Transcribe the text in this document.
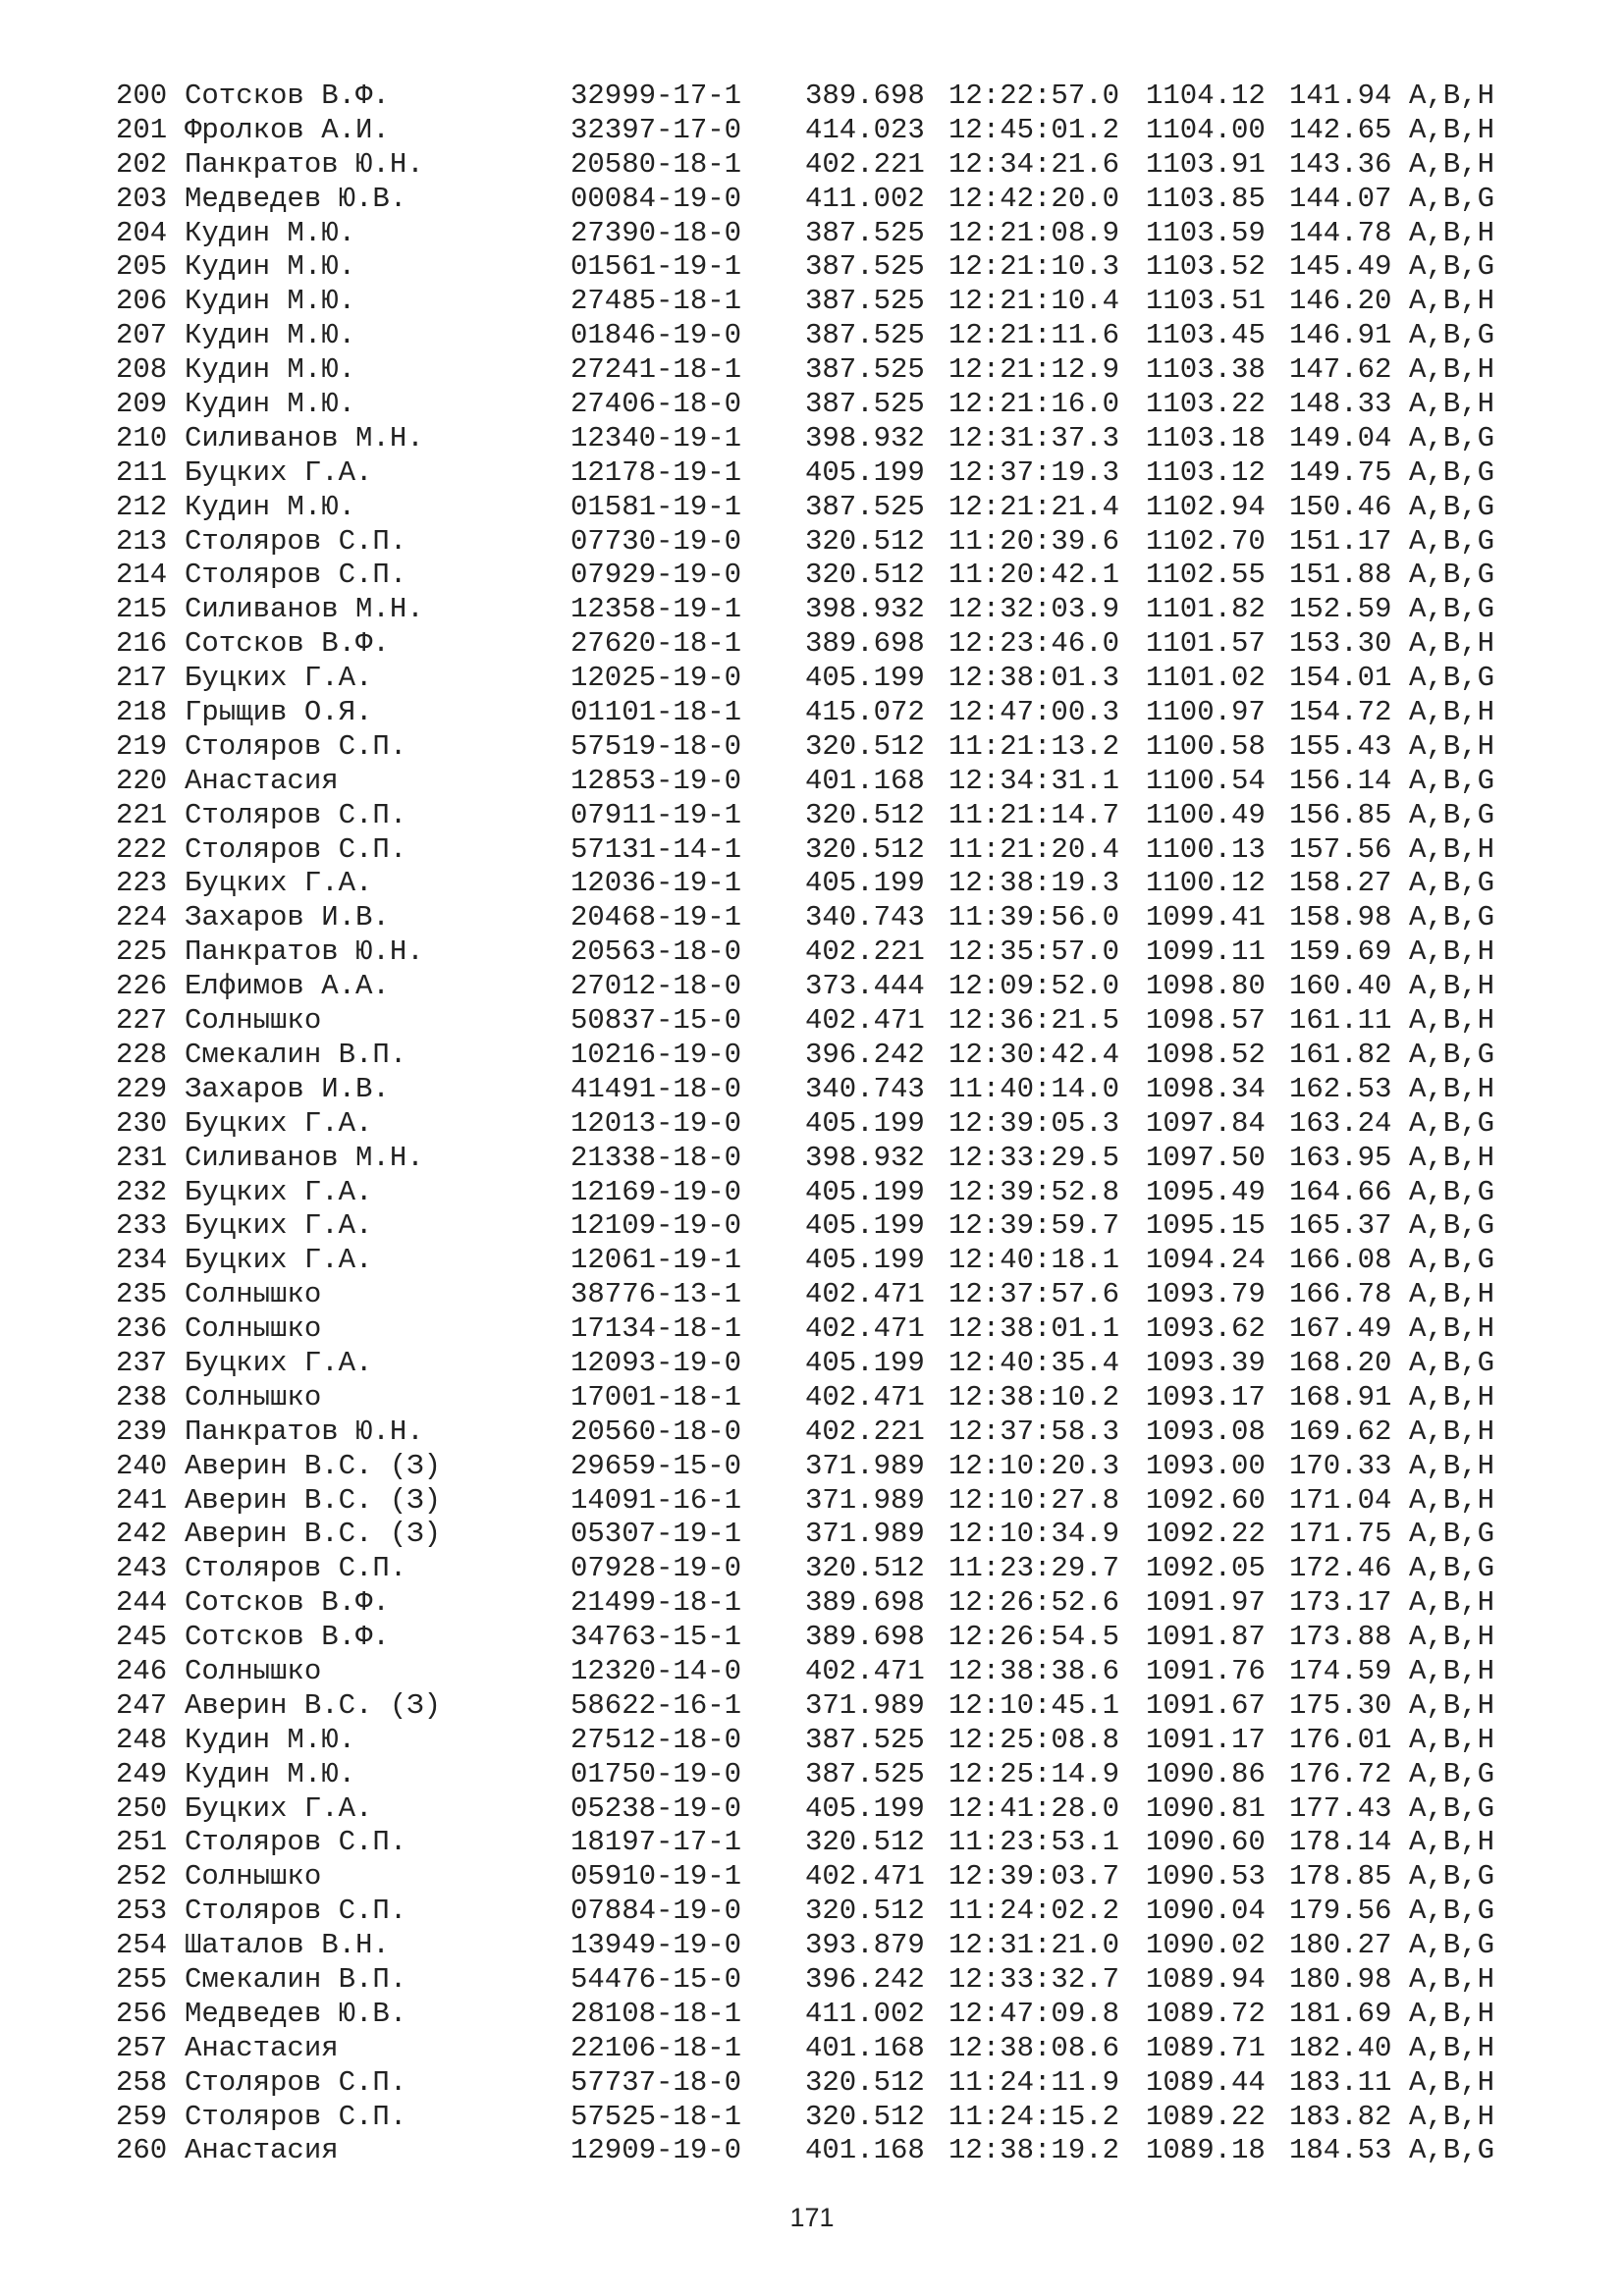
200 Сотсков В.Ф.	32999-17-1 389.698 12:22:57.0 1104.12 141.94 A,B,H
201 Фролков А.И.	32397-17-0 414.023 12:45:01.2 1104.00 142.65 A,B,H
202 Панкратов Ю.Н.	20580-18-1 402.221 12:34:21.6 1103.91 143.36 A,B,H
203 Медведев Ю.В.	00084-19-0 411.002 12:42:20.0 1103.85 144.07 A,B,G
204 Кудин М.Ю.	27390-18-0 387.525 12:21:08.9 1103.59 144.78 A,B,H
205 Кудин М.Ю.	01561-19-1 387.525 12:21:10.3 1103.52 145.49 A,B,G
206 Кудин М.Ю.	27485-18-1 387.525 12:21:10.4 1103.51 146.20 A,B,H
207 Кудин М.Ю.	01846-19-0 387.525 12:21:11.6 1103.45 146.91 A,B,G
208 Кудин М.Ю.	27241-18-1 387.525 12:21:12.9 1103.38 147.62 A,B,H
209 Кудин М.Ю.	27406-18-0 387.525 12:21:16.0 1103.22 148.33 A,B,H
210 Силиванов М.Н.	12340-19-1 398.932 12:31:37.3 1103.18 149.04 A,B,G
211 Буцких Г.А.	12178-19-1 405.199 12:37:19.3 1103.12 149.75 A,B,G
212 Кудин М.Ю.	01581-19-1 387.525 12:21:21.4 1102.94 150.46 A,B,G
213 Столяров С.П.	07730-19-0 320.512 11:20:39.6 1102.70 151.17 A,B,G
214 Столяров С.П.	07929-19-0 320.512 11:20:42.1 1102.55 151.88 A,B,G
215 Силиванов М.Н.	12358-19-1 398.932 12:32:03.9 1101.82 152.59 A,B,G
216 Сотсков В.Ф.	27620-18-1 389.698 12:23:46.0 1101.57 153.30 A,B,H
217 Буцких Г.А.	12025-19-0 405.199 12:38:01.3 1101.02 154.01 A,B,G
218 Грыщив О.Я.	01101-18-1 415.072 12:47:00.3 1100.97 154.72 A,B,H
219 Столяров С.П.	57519-18-0 320.512 11:21:13.2 1100.58 155.43 A,B,H
220 Анастасия	12853-19-0 401.168 12:34:31.1 1100.54 156.14 A,B,G
221 Столяров С.П.	07911-19-1 320.512 11:21:14.7 1100.49 156.85 A,B,G
222 Столяров С.П.	57131-14-1 320.512 11:21:20.4 1100.13 157.56 A,B,H
223 Буцких Г.А.	12036-19-1 405.199 12:38:19.3 1100.12 158.27 A,B,G
224 Захаров И.В.	20468-19-1 340.743 11:39:56.0 1099.41 158.98 A,B,G
225 Панкратов Ю.Н.	20563-18-0 402.221 12:35:57.0 1099.11 159.69 A,B,H
226 Елфимов А.А.	27012-18-0 373.444 12:09:52.0 1098.80 160.40 A,B,H
227 Солнышко	50837-15-0 402.471 12:36:21.5 1098.57 161.11 A,B,H
228 Смекалин В.П.	10216-19-0 396.242 12:30:42.4 1098.52 161.82 A,B,G
229 Захаров И.В.	41491-18-0 340.743 11:40:14.0 1098.34 162.53 A,B,H
230 Буцких Г.А.	12013-19-0 405.199 12:39:05.3 1097.84 163.24 A,B,G
231 Силиванов М.Н.	21338-18-0 398.932 12:33:29.5 1097.50 163.95 A,B,H
232 Буцких Г.А.	12169-19-0 405.199 12:39:52.8 1095.49 164.66 A,B,G
233 Буцких Г.А.	12109-19-0 405.199 12:39:59.7 1095.15 165.37 A,B,G
234 Буцких Г.А.	12061-19-1 405.199 12:40:18.1 1094.24 166.08 A,B,G
235 Солнышко	38776-13-1 402.471 12:37:57.6 1093.79 166.78 A,B,H
236 Солнышко	17134-18-1 402.471 12:38:01.1 1093.62 167.49 A,B,H
237 Буцких Г.А.	12093-19-0 405.199 12:40:35.4 1093.39 168.20 A,B,G
238 Солнышко	17001-18-1 402.471 12:38:10.2 1093.17 168.91 A,B,H
239 Панкратов Ю.Н.	20560-18-0 402.221 12:37:58.3 1093.08 169.62 A,B,H
240 Аверин В.С. (З)	29659-15-0 371.989 12:10:20.3 1093.00 170.33 A,B,H
241 Аверин В.С. (З)	14091-16-1 371.989 12:10:27.8 1092.60 171.04 A,B,H
242 Аверин В.С. (З)	05307-19-1 371.989 12:10:34.9 1092.22 171.75 A,B,G
243 Столяров С.П.	07928-19-0 320.512 11:23:29.7 1092.05 172.46 A,B,G
244 Сотсков В.Ф.	21499-18-1 389.698 12:26:52.6 1091.97 173.17 A,B,H
245 Сотсков В.Ф.	34763-15-1 389.698 12:26:54.5 1091.87 173.88 A,B,H
246 Солнышко	12320-14-0 402.471 12:38:38.6 1091.76 174.59 A,B,H
247 Аверин В.С. (З)	58622-16-1 371.989 12:10:45.1 1091.67 175.30 A,B,H
248 Кудин М.Ю.	27512-18-0 387.525 12:25:08.8 1091.17 176.01 A,B,H
249 Кудин М.Ю.	01750-19-0 387.525 12:25:14.9 1090.86 176.72 A,B,G
250 Буцких Г.А.	05238-19-0 405.199 12:41:28.0 1090.81 177.43 A,B,G
251 Столяров С.П.	18197-17-1 320.512 11:23:53.1 1090.60 178.14 A,B,H
252 Солнышко	05910-19-1 402.471 12:39:03.7 1090.53 178.85 A,B,G
253 Столяров С.П.	07884-19-0 320.512 11:24:02.2 1090.04 179.56 A,B,G
254 Шаталов В.Н.	13949-19-0 393.879 12:31:21.0 1090.02 180.27 A,B,G
255 Смекалин В.П.	54476-15-0 396.242 12:33:32.7 1089.94 180.98 A,B,H
256 Медведев Ю.В.	28108-18-1 411.002 12:47:09.8 1089.72 181.69 A,B,H
257 Анастасия	22106-18-1 401.168 12:38:08.6 1089.71 182.40 A,B,H
258 Столяров С.П.	57737-18-0 320.512 11:24:11.9 1089.44 183.11 A,B,H
259 Столяров С.П.	57525-18-1 320.512 11:24:15.2 1089.22 183.82 A,B,H
260 Анастасия	12909-19-0 401.168 12:38:19.2 1089.18 184.53 A,B,G
171
